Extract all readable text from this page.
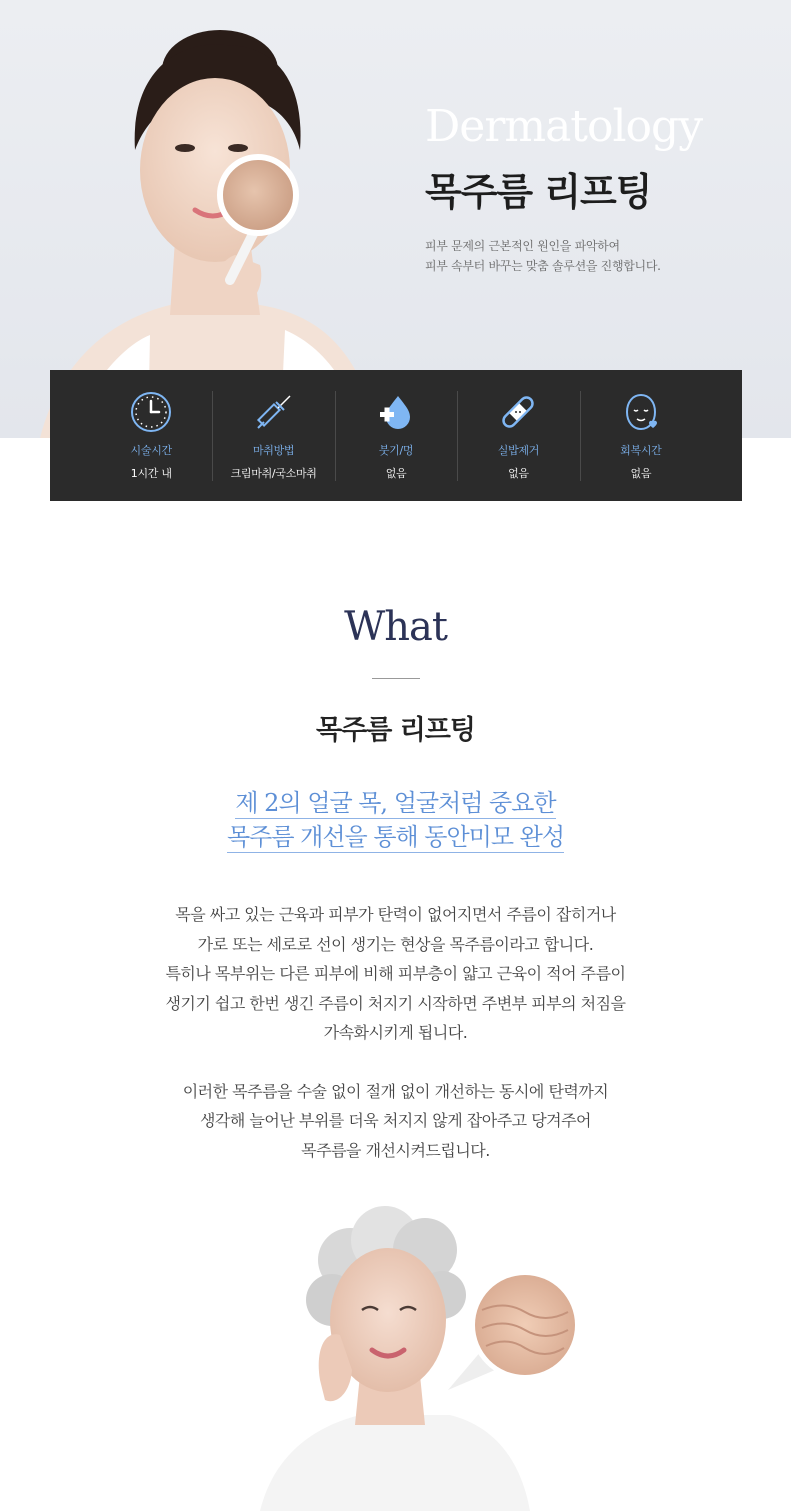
Dermatology
목주름 리프팅
피부 문제의 근본적인 원인을 파악하여
피부 속부터 바꾸는 맞춤 솔루션을 진행합니다.
시술시간
1시간 내
마취방법
크림마취/국소마취
붓기/멍
없음
실밥제거
없음
회복시간
없음
What
목주름 리프팅
제 2의 얼굴 목, 얼굴처럼 중요한
목주름 개선을 통해 동안미모 완성
목을 싸고 있는 근육과 피부가 탄력이 없어지면서 주름이 잡히거나
가로 또는 세로로 선이 생기는 현상을 목주름이라고 합니다.
특히나 목부위는 다른 피부에 비해 피부층이 얇고 근육이 적어 주름이
생기기 쉽고 한번 생긴 주름이 처지기 시작하면 주변부 피부의 처짐을
가속화시키게 됩니다.
이러한 목주름을 수술 없이 절개 없이 개선하는 동시에 탄력까지
생각해 늘어난 부위를 더욱 처지지 않게 잡아주고 당겨주어
목주름을 개선시켜드립니다.
